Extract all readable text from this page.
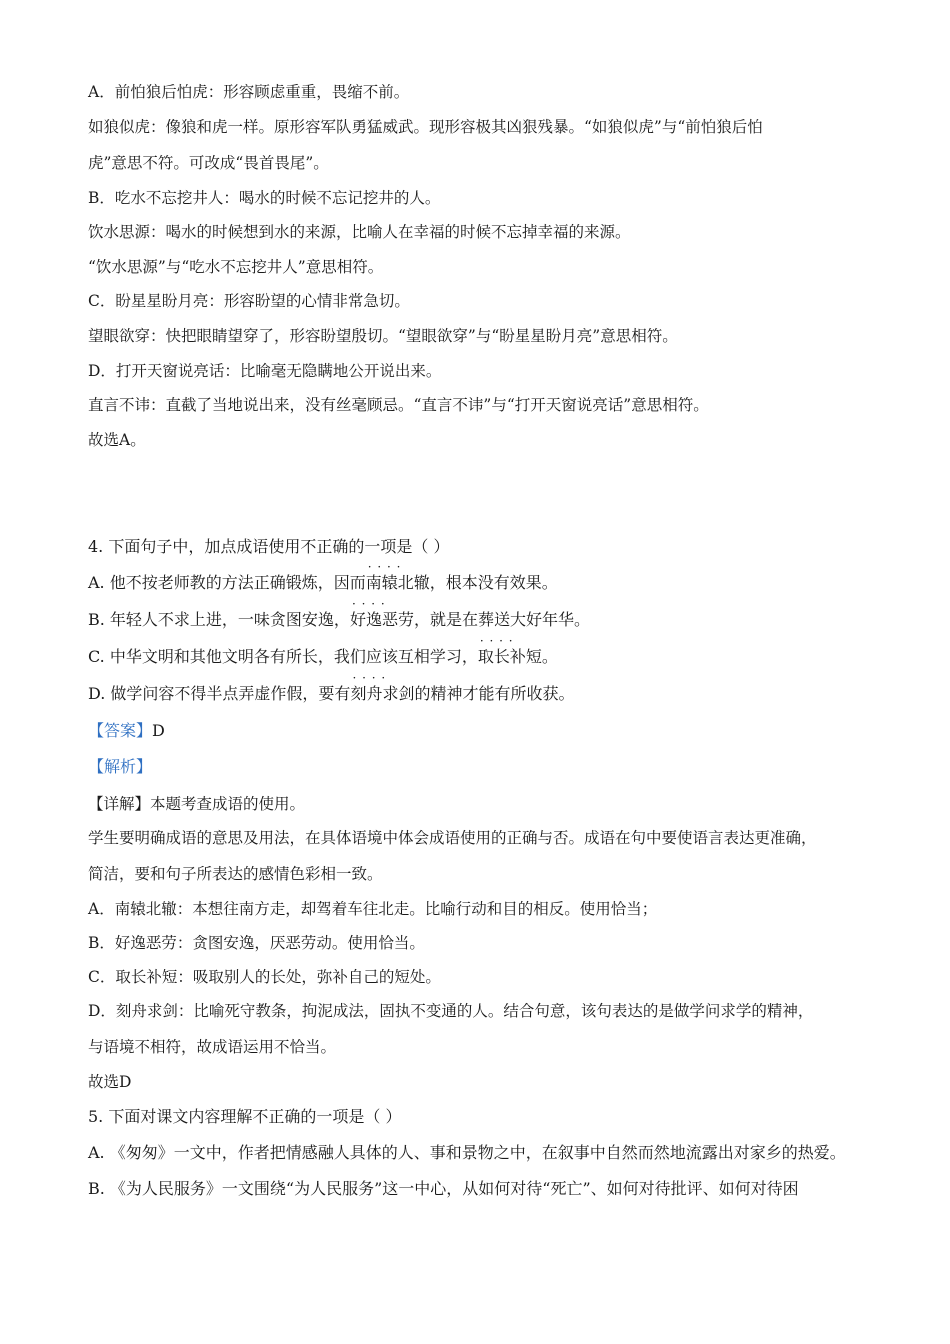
A．前怕狼后怕虎：形容顾虑重重，畏缩不前。
如狼似虎：像狼和虎一样。原形容军队勇猛威武。现形容极其凶狠残暴。“如狼似虎”与“前怕狼后怕
虎”意思不符。可改成“畏首畏尾”。
B．吃水不忘挖井人：喝水的时候不忘记挖井的人。
饮水思源：喝水的时候想到水的来源，比喻人在幸福的时候不忘掉幸福的来源。
“饮水思源”与“吃水不忘挖井人”意思相符。
C．盼星星盼月亮：形容盼望的心情非常急切。
望眼欲穿：快把眼睛望穿了，形容盼望殷切。“望眼欲穿”与“盼星星盼月亮”意思相符。
D．打开天窗说亮话：比喻毫无隐瞒地公开说出来。
直言不讳：直截了当地说出来，没有丝毫顾忌。“直言不讳”与“打开天窗说亮话”意思相符。
故选A。
4. 下面句子中，加点成语使用不正确的一项是（ ）
A. 他不按老师教的方法正确锻炼，因而· · · · 南辕北辙，根本没有效果。
B. 年轻人不求上进，一味贪图安逸，· · · · 好逸恶劳，就是在葬送大好年华。
C. 中华文明和其他文明各有所长，我们应该互相学习，· · · · 取长补短。
D. 做学问容不得半点弄虚作假，要有· · · · 刻舟求剑的精神才能有所收获。
【答案】D
【解析】
【详解】本题考查成语的使用。
学生要明确成语的意思及用法，在具体语境中体会成语使用的正确与否。成语在句中要使语言表达更准确，
简洁，要和句子所表达的感情色彩相一致。
A．南辕北辙：本想往南方走，却驾着车往北走。比喻行动和目的相反。使用恰当；
B．好逸恶劳：贪图安逸，厌恶劳动。使用恰当。
C．取长补短：吸取别人的长处，弥补自己的短处。
D．刻舟求剑：比喻死守教条，拘泥成法，固执不变通的人。结合句意，该句表达的是做学问求学的精神，
与语境不相符，故成语运用不恰当。
故选D
5. 下面对课文内容理解不正确的一项是（ ）
A. 《匆匆》一文中，作者把情感融人具体的人、事和景物之中，在叙事中自然而然地流露出对家乡的热爱。
B. 《为人民服务》一文围绕“为人民服务”这一中心，从如何对待“死亡”、如何对待批评、如何对待困
